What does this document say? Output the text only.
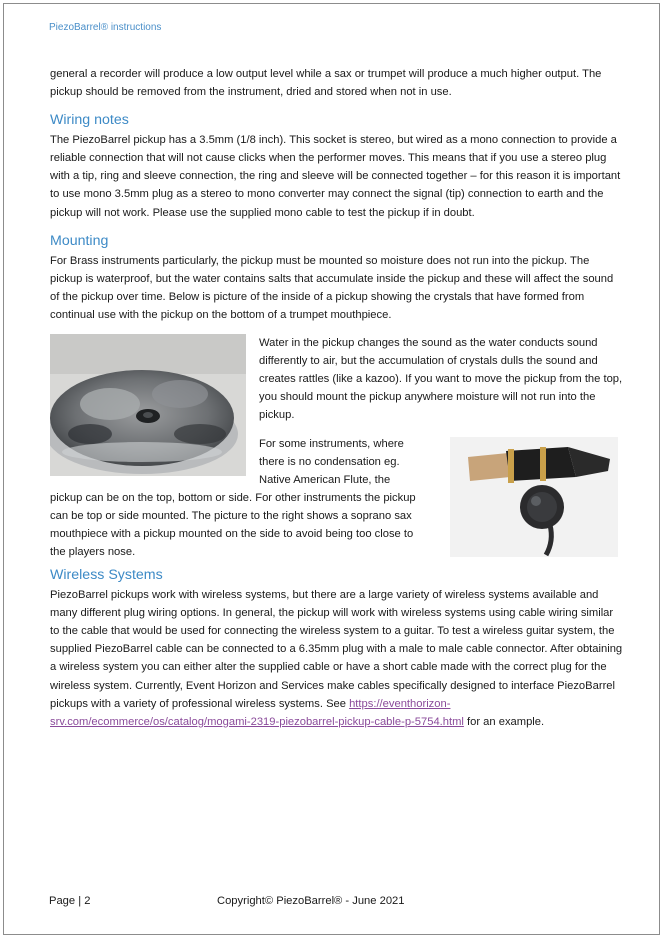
PiezoBarrel® instructions

general a recorder will produce a low output level while a sax or trumpet will produce a much higher output. The pickup should be removed from the instrument, dried and stored when not in use.

Wiring notes

The PiezoBarrel pickup has a 3.5mm (1/8 inch). This socket is stereo, but wired as a mono connection to provide a reliable connection that will not cause clicks when the performer moves. This means that if you use a stereo plug with a tip, ring and sleeve connection, the ring and sleeve will be connected together – for this reason it is important to use mono 3.5mm plug as a stereo to mono converter may connect the signal (tip) connection to earth and the pickup will not work. Please use the supplied mono cable to test the pickup if in doubt.

Mounting

For Brass instruments particularly, the pickup must be mounted so moisture does not run into the pickup. The pickup is waterproof, but the water contains salts that accumulate inside the pickup and these will affect the sound of the pickup over time. Below is picture of the inside of a pickup showing the crystals that have formed from continual use with the pickup on the bottom of a trumpet mouthpiece.

Water in the pickup changes the sound as the water conducts sound differently to air, but the accumulation of crystals dulls the sound and creates rattles (like a kazoo). If you want to move the pickup from the top, you should mount the pickup anywhere moisture will not run into the pickup.

For some instruments, where there is no condensation eg. Native American Flute, the

pickup can be on the top, bottom or side. For other instruments the pickup can be top or side mounted. The picture to the right shows a soprano sax mouthpiece with a pickup mounted on the side to avoid being too close to the players nose.

Wireless Systems

PiezoBarrel pickups work with wireless systems, but there are a large variety of wireless systems available and many different plug wiring options. In general, the pickup will work with wireless systems using cable wiring similar to the cable that would be used for connecting the wireless system to a guitar. To test a wireless guitar system, the supplied PiezoBarrel cable can be connected to a 6.35mm plug with a male to male cable connector. After obtaining a wireless system you can either alter the supplied cable or have a short cable made with the correct plug for the wireless system. Currently, Event Horizon and Services make cables specifically designed to interface PiezoBarrel pickups with a variety of professional wireless systems. See https://eventhorizon-srv.com/ecommerce/os/catalog/mogami-2319-piezobarrel-pickup-cable-p-5754.html for an example.

Page | 2	Copyright© PiezoBarrel® - June 2021
